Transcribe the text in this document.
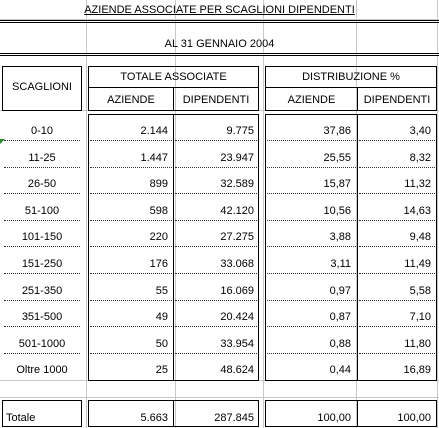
AZIENDE ASSOCIATE PER SCAGLIONI DIPENDENTI
AL 31 GENNAIO 2004
SCAGLIONI
TOTALE ASSOCIATE	DISTRIBUZIONE %
AZIENDE	DIPENDENTI	AZIENDE	DIPENDENTI
0-10	2.144	9.775	37,86	3,40
11-25	1.447	23.947	25,55	8,32
26-50	899	32.589	15,87	11,32
51-100	598	42.120	10,56	14,63
101-150	220	27.275	3,88	9,48
151-250	176	33.068	3,11	11,49
251-350	55	16.069	0,97	5,58
351-500	49	20.424	0,87	7,10
501-1000	50	33.954	0,88	11,80
Oltre 1000	25	48.624	0,44	16,89
Totale	5.663	287.845	100,00	100,00
